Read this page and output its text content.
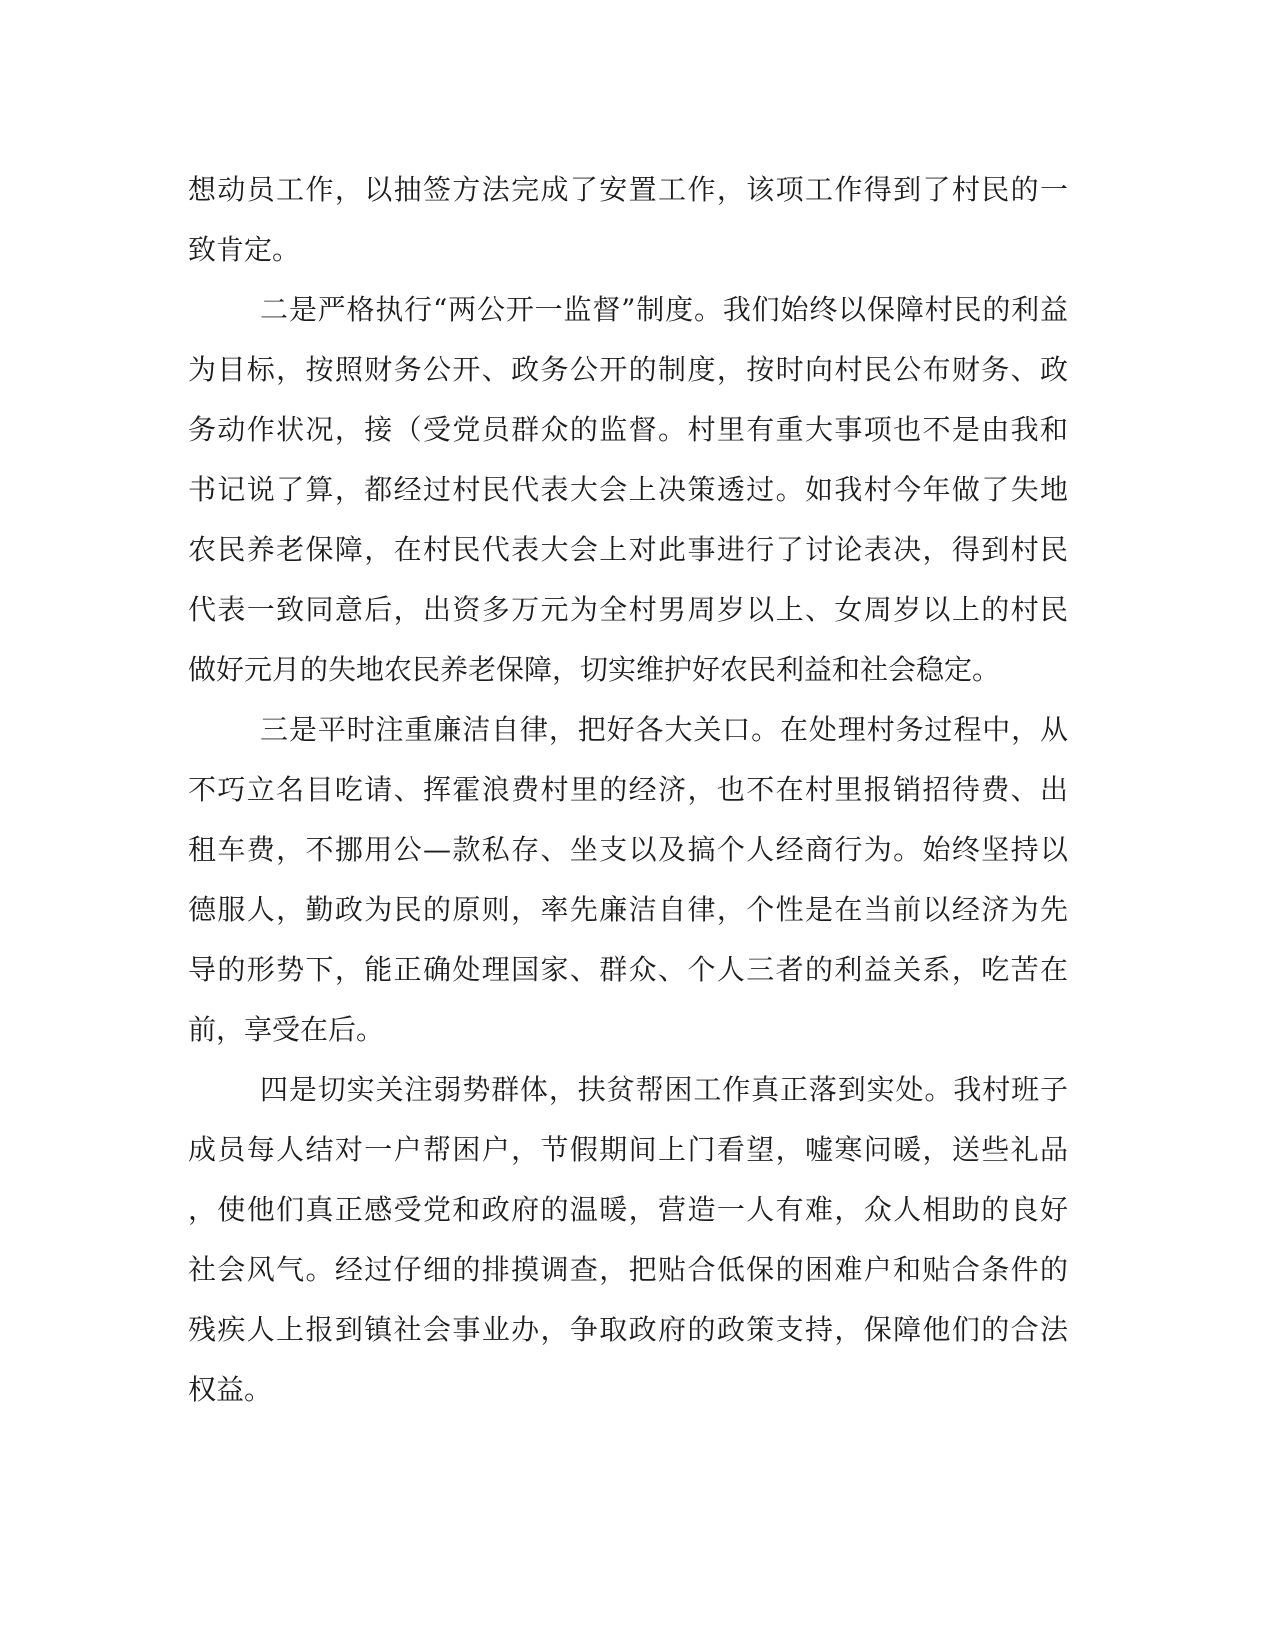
想动员工作，以抽签方法完成了安置工作，该项工作得到了村民的一
致肯定。
二是严格执行“两公开一监督”制度。我们始终以保障村民的利益
为目标，按照财务公开、政务公开的制度，按时向村民公布财务、政
务动作状况，接（受党员群众的监督。村里有重大事项也不是由我和
书记说了算，都经过村民代表大会上决策透过。如我村今年做了失地
农民养老保障，在村民代表大会上对此事进行了讨论表决，得到村民
代表一致同意后，出资多万元为全村男周岁以上、女周岁以上的村民
做好元月的失地农民养老保障，切实维护好农民利益和社会稳定。
三是平时注重廉洁自律，把好各大关口。在处理村务过程中，从
不巧立名目吃请、挥霍浪费村里的经济，也不在村里报销招待费、出
租车费，不挪用公—款私存、坐支以及搞个人经商行为。始终坚持以
德服人，勤政为民的原则，率先廉洁自律，个性是在当前以经济为先
导的形势下，能正确处理国家、群众、个人三者的利益关系，吃苦在
前，享受在后。
四是切实关注弱势群体，扶贫帮困工作真正落到实处。我村班子
成员每人结对一户帮困户，节假期间上门看望，嘘寒问暖，送些礼品
，使他们真正感受党和政府的温暖，营造一人有难，众人相助的良好
社会风气。经过仔细的排摸调查，把贴合低保的困难户和贴合条件的
残疾人上报到镇社会事业办，争取政府的政策支持，保障他们的合法
权益。
